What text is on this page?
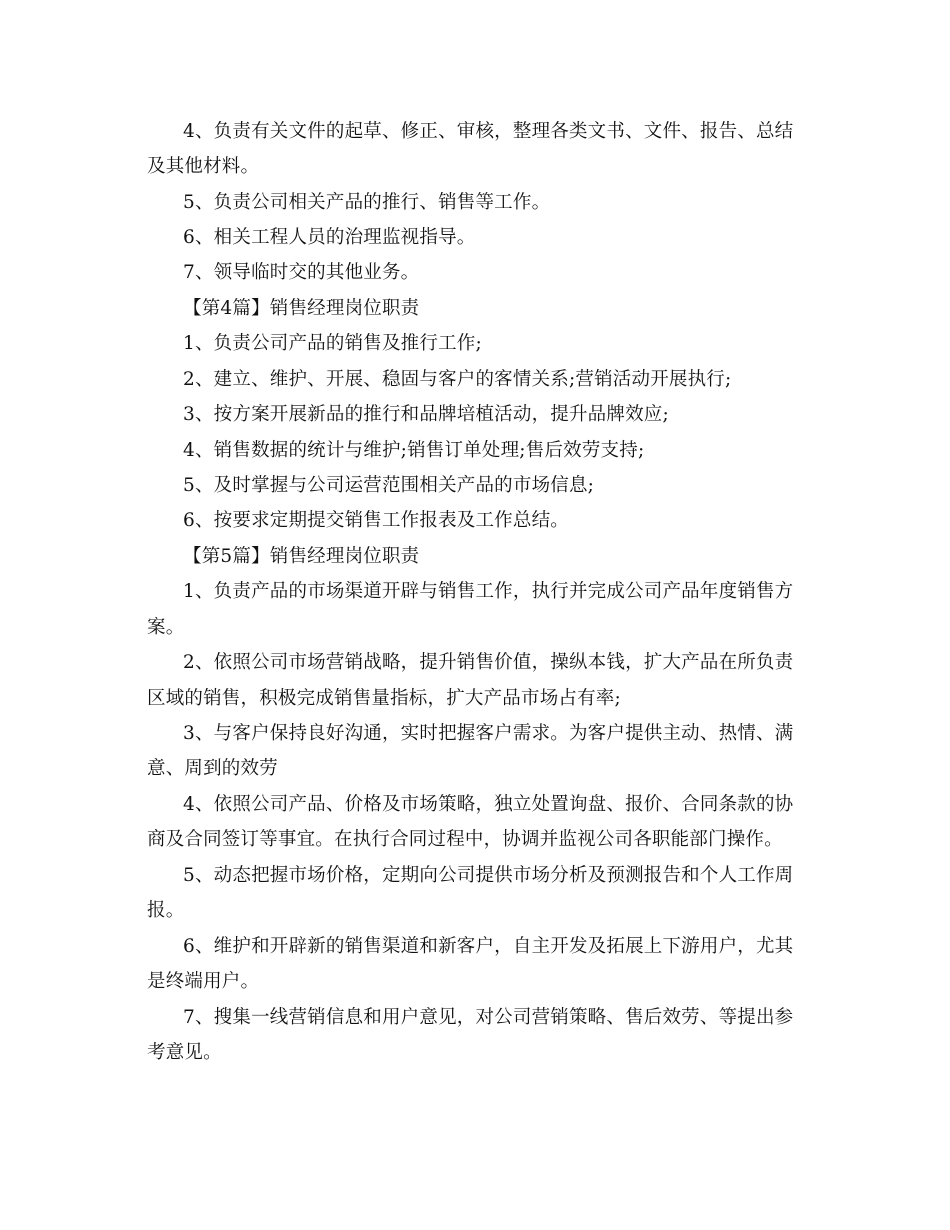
4、负责有关文件的起草、修正、审核，整理各类文书、文件、报告、总结
及其他材料。
5、负责公司相关产品的推行、销售等工作。
6、相关工程人员的治理监视指导。
7、领导临时交的其他业务。
【第4篇】销售经理岗位职责
1、负责公司产品的销售及推行工作;
2、建立、维护、开展、稳固与客户的客情关系;营销活动开展执行;
3、按方案开展新品的推行和品牌培植活动，提升品牌效应;
4、销售数据的统计与维护;销售订单处理;售后效劳支持;
5、及时掌握与公司运营范围相关产品的市场信息;
6、按要求定期提交销售工作报表及工作总结。
【第5篇】销售经理岗位职责
1、负责产品的市场渠道开辟与销售工作，执行并完成公司产品年度销售方
案。
2、依照公司市场营销战略，提升销售价值，操纵本钱，扩大产品在所负责
区域的销售，积极完成销售量指标，扩大产品市场占有率;
3、与客户保持良好沟通，实时把握客户需求。为客户提供主动、热情、满
意、周到的效劳
4、依照公司产品、价格及市场策略，独立处置询盘、报价、合同条款的协
商及合同签订等事宜。在执行合同过程中，协调并监视公司各职能部门操作。
5、动态把握市场价格，定期向公司提供市场分析及预测报告和个人工作周
报。
6、维护和开辟新的销售渠道和新客户，自主开发及拓展上下游用户，尤其
是终端用户。
7、搜集一线营销信息和用户意见，对公司营销策略、售后效劳、等提出参
考意见。
